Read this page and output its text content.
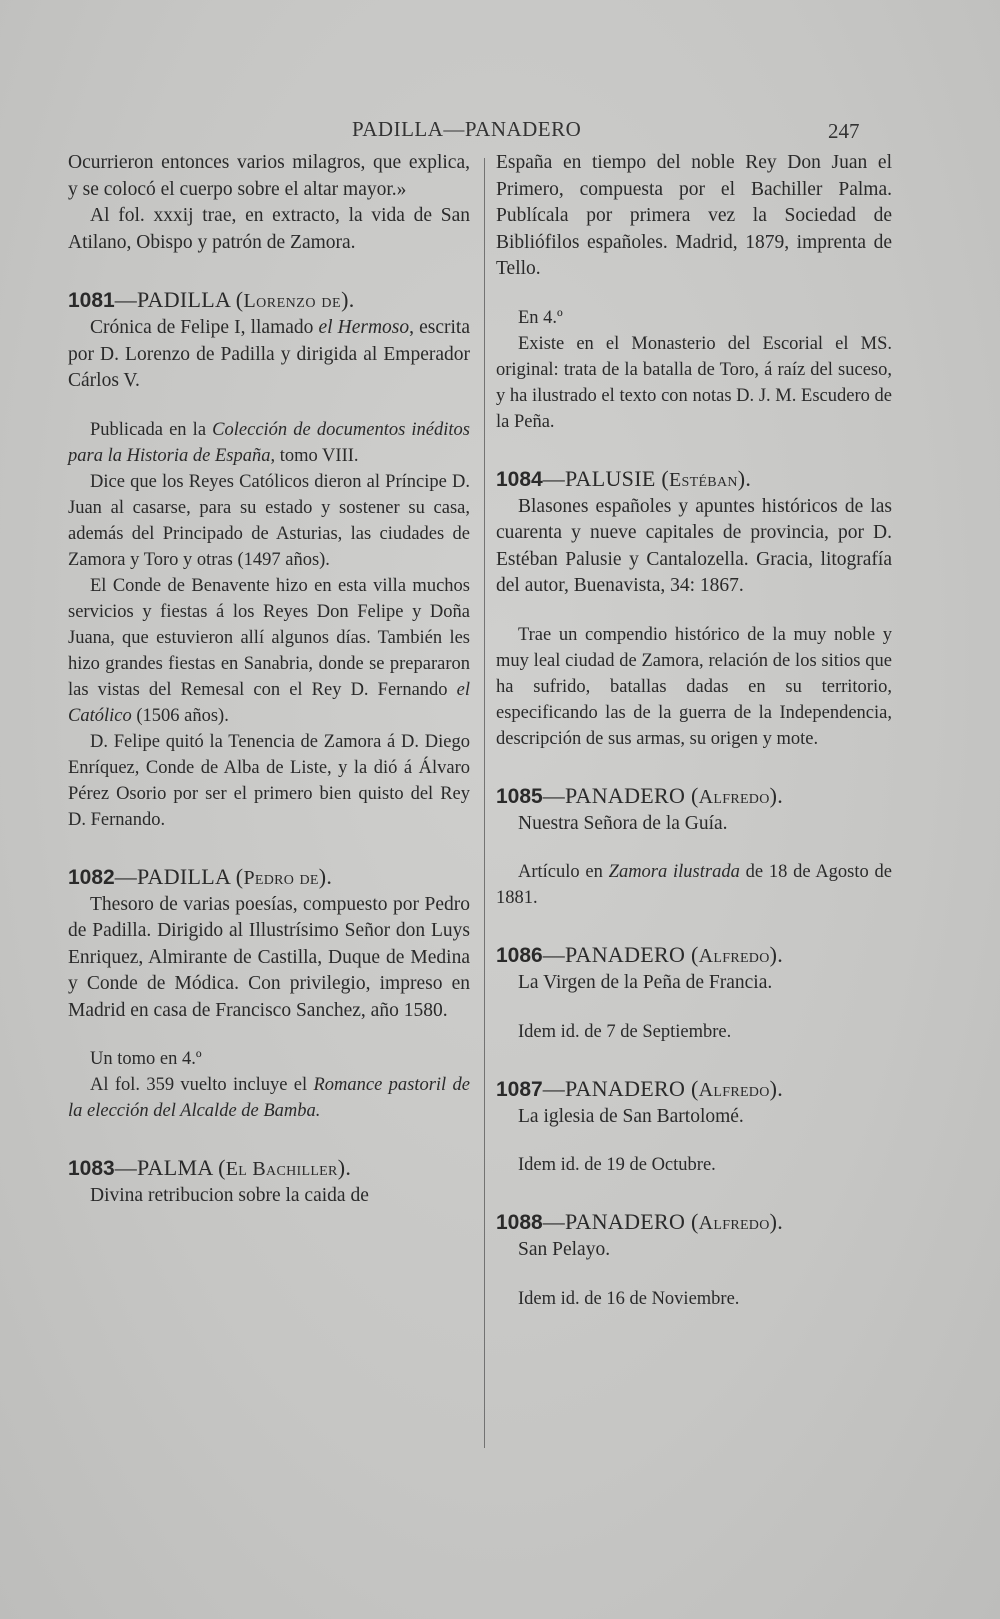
PADILLA—PANADERO	247

Ocurrieron entonces varios milagros, que explica, y se colocó el cuerpo sobre el altar mayor.»

Al fol. xxxij trae, en extracto, la vida de San Atilano, Obispo y patrón de Zamora.

1081—PADILLA (Lorenzo de).

Crónica de Felipe I, llamado el Hermoso, escrita por D. Lorenzo de Padilla y dirigida al Emperador Cárlos V.

Publicada en la Colección de documentos inéditos para la Historia de España, tomo VIII.

Dice que los Reyes Católicos dieron al Príncipe D. Juan al casarse, para su estado y sostener su casa, además del Principado de Asturias, las ciudades de Zamora y Toro y otras (1497 años).

El Conde de Benavente hizo en esta villa muchos servicios y fiestas á los Reyes Don Felipe y Doña Juana, que estuvieron allí algunos días. También les hizo grandes fiestas en Sanabria, donde se prepararon las vistas del Remesal con el Rey D. Fernando el Católico (1506 años).

D. Felipe quitó la Tenencia de Zamora á D. Diego Enríquez, Conde de Alba de Liste, y la dió á Álvaro Pérez Osorio por ser el primero bien quisto del Rey D. Fernando.

1082—PADILLA (Pedro de).

Thesoro de varias poesías, compuesto por Pedro de Padilla. Dirigido al Illustrísimo Señor don Luys Enriquez, Almirante de Castilla, Duque de Medina y Conde de Módica. Con privilegio, impreso en Madrid en casa de Francisco Sanchez, año 1580.

Un tomo en 4.º

Al fol. 359 vuelto incluye el Romance pastoril de la elección del Alcalde de Bamba.

1083—PALMA (El Bachiller).

Divina retribucion sobre la caida de

España en tiempo del noble Rey Don Juan el Primero, compuesta por el Bachiller Palma. Publícala por primera vez la Sociedad de Bibliófilos españoles. Madrid, 1879, imprenta de Tello.

En 4.º

Existe en el Monasterio del Escorial el MS. original: trata de la batalla de Toro, á raíz del suceso, y ha ilustrado el texto con notas D. J. M. Escudero de la Peña.

1084—PALUSIE (Estéban).

Blasones españoles y apuntes históricos de las cuarenta y nueve capitales de provincia, por D. Estéban Palusie y Cantalozella. Gracia, litografía del autor, Buenavista, 34: 1867.

Trae un compendio histórico de la muy noble y muy leal ciudad de Zamora, relación de los sitios que ha sufrido, batallas dadas en su territorio, especificando las de la guerra de la Independencia, descripción de sus armas, su origen y mote.

1085—PANADERO (Alfredo).

Nuestra Señora de la Guía.

Artículo en Zamora ilustrada de 18 de Agosto de 1881.

1086—PANADERO (Alfredo).

La Virgen de la Peña de Francia.

Idem id. de 7 de Septiembre.

1087—PANADERO (Alfredo).

La iglesia de San Bartolomé.

Idem id. de 19 de Octubre.

1088—PANADERO (Alfredo).

San Pelayo.

Idem id. de 16 de Noviembre.
